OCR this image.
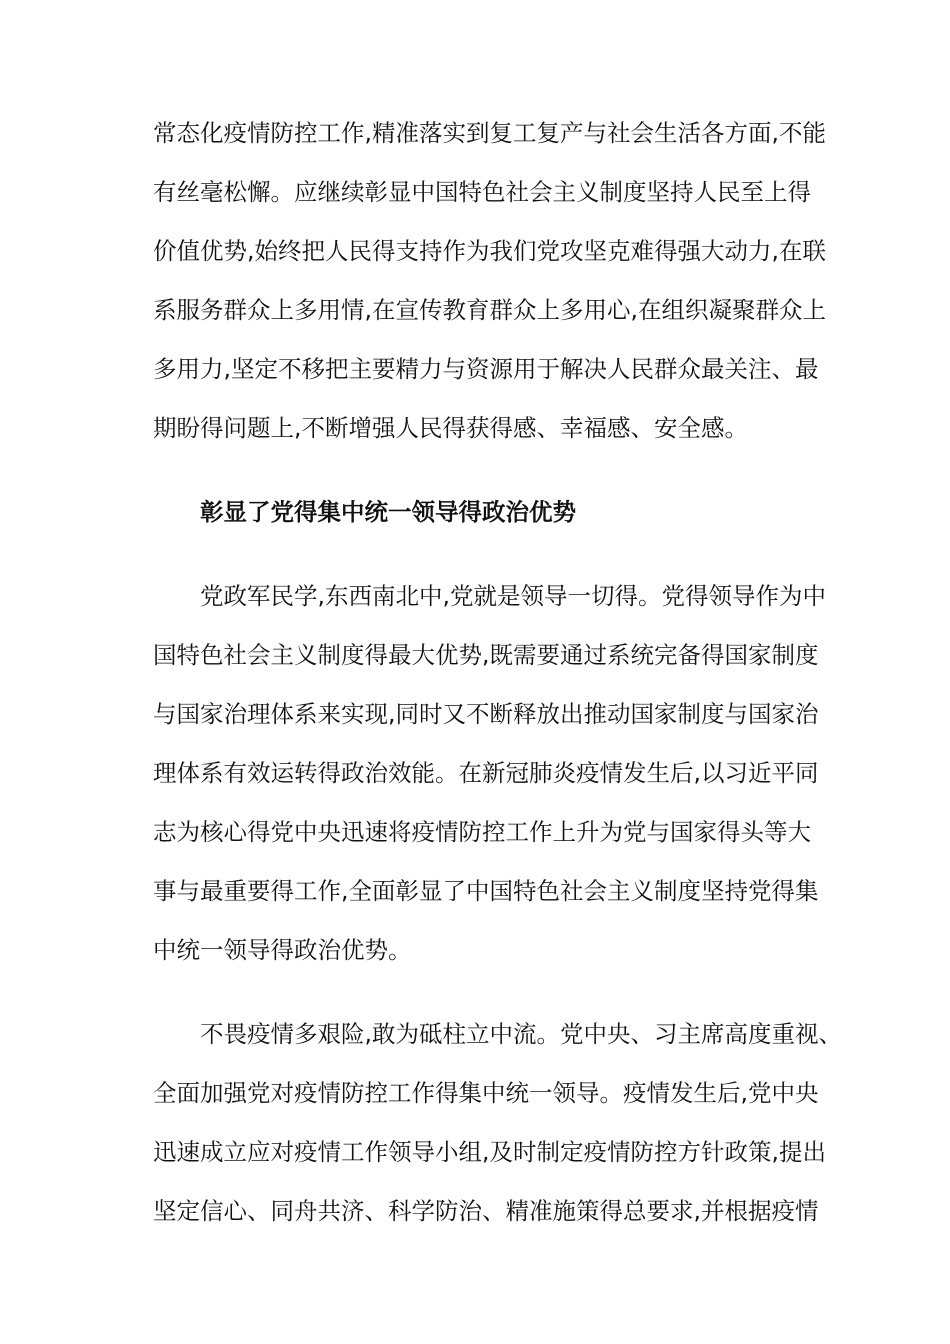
常态化疫情防控工作,精准落实到复工复产与社会生活各方面,不能
有丝毫松懈。应继续彰显中国特色社会主义制度坚持人民至上得
价值优势,始终把人民得支持作为我们党攻坚克难得强大动力,在联
系服务群众上多用情,在宣传教育群众上多用心,在组织凝聚群众上
多用力,坚定不移把主要精力与资源用于解决人民群众最关注、最
期盼得问题上,不断增强人民得获得感、幸福感、安全感。

彰显了党得集中统一领导得政治优势

党政军民学,东西南北中,党就是领导一切得。党得领导作为中
国特色社会主义制度得最大优势,既需要通过系统完备得国家制度
与国家治理体系来实现,同时又不断释放出推动国家制度与国家治
理体系有效运转得政治效能。在新冠肺炎疫情发生后,以习近平同
志为核心得党中央迅速将疫情防控工作上升为党与国家得头等大
事与最重要得工作,全面彰显了中国特色社会主义制度坚持党得集
中统一领导得政治优势。

不畏疫情多艰险,敢为砥柱立中流。党中央、习主席高度重视、
全面加强党对疫情防控工作得集中统一领导。疫情发生后,党中央
迅速成立应对疫情工作领导小组,及时制定疫情防控方针政策,提出
坚定信心、同舟共济、科学防治、精准施策得总要求,并根据疫情
